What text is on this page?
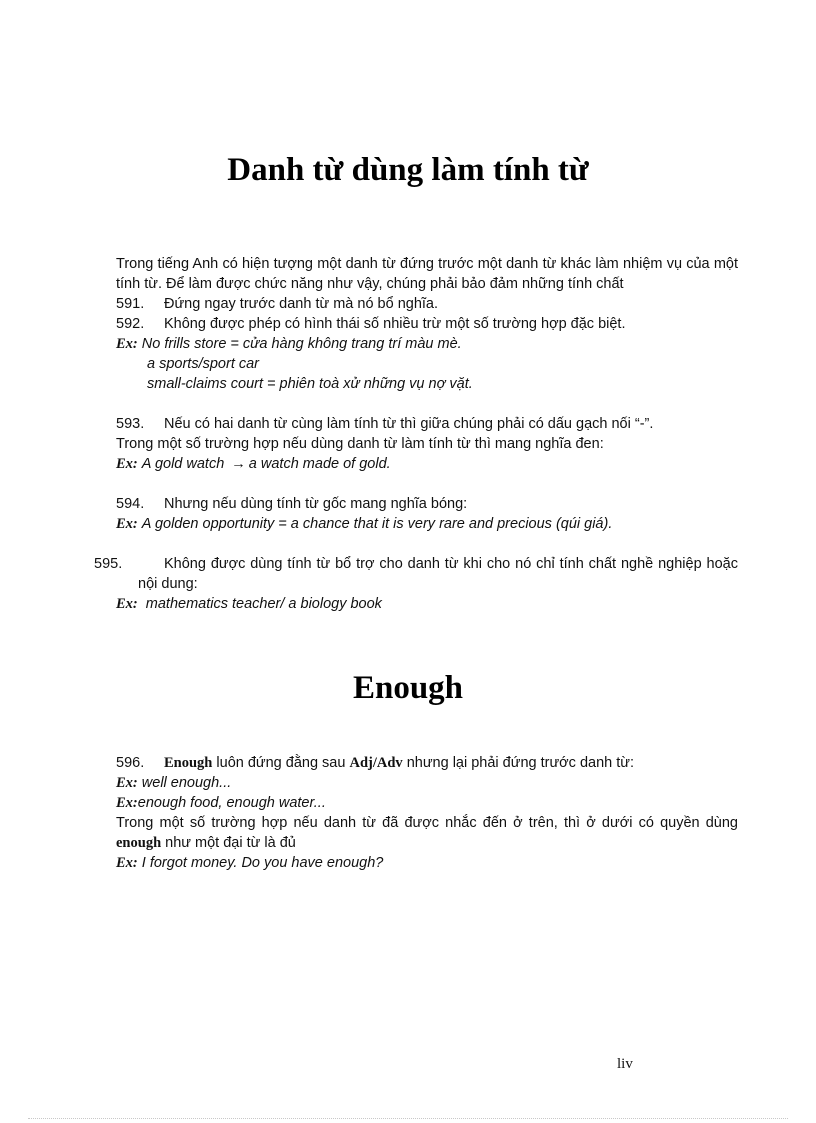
Danh từ dùng làm tính từ

Trong tiếng Anh có hiện tượng một danh từ đứng trước một danh từ khác làm nhiệm vụ của một tính từ. Để làm được chức năng như vậy, chúng phải bảo đảm những tính chất

591. Đứng ngay trước danh từ mà nó bổ nghĩa.
592. Không được phép có hình thái số nhiều trừ một số trường hợp đặc biệt.
Ex: No frills store = cửa hàng không trang trí màu mè.
a sports/sport car
small-claims court = phiên toà xử những vụ nợ vặt.
593. Nếu có hai danh từ cùng làm tính từ thì giữa chúng phải có dấu gạch nối “-”.
Trong một số trường hợp nếu dùng danh từ làm tính từ thì mang nghĩa đen:
Ex: A gold watch → a watch made of gold.
594. Nhưng nếu dùng tính từ gốc mang nghĩa bóng:
Ex: A golden opportunity = a chance that it is very rare and precious (qúi giá).
595.	Không được dùng tính từ bổ trợ cho danh từ khi cho nó chỉ tính chất nghề nghiệp hoặc nội dung:
Ex: mathematics teacher/ a biology book
Enough
596. Enough luôn đứng đằng sau Adj/Adv nhưng lại phải đứng trước danh từ:
Ex: well enough...
Ex:enough food, enough water...

Trong một số trường hợp nếu danh từ đã được nhắc đến ở trên, thì ở dưới có quyền dùng enough như một đại từ là đủ

Ex: I forgot money. Do you have enough?
liv
